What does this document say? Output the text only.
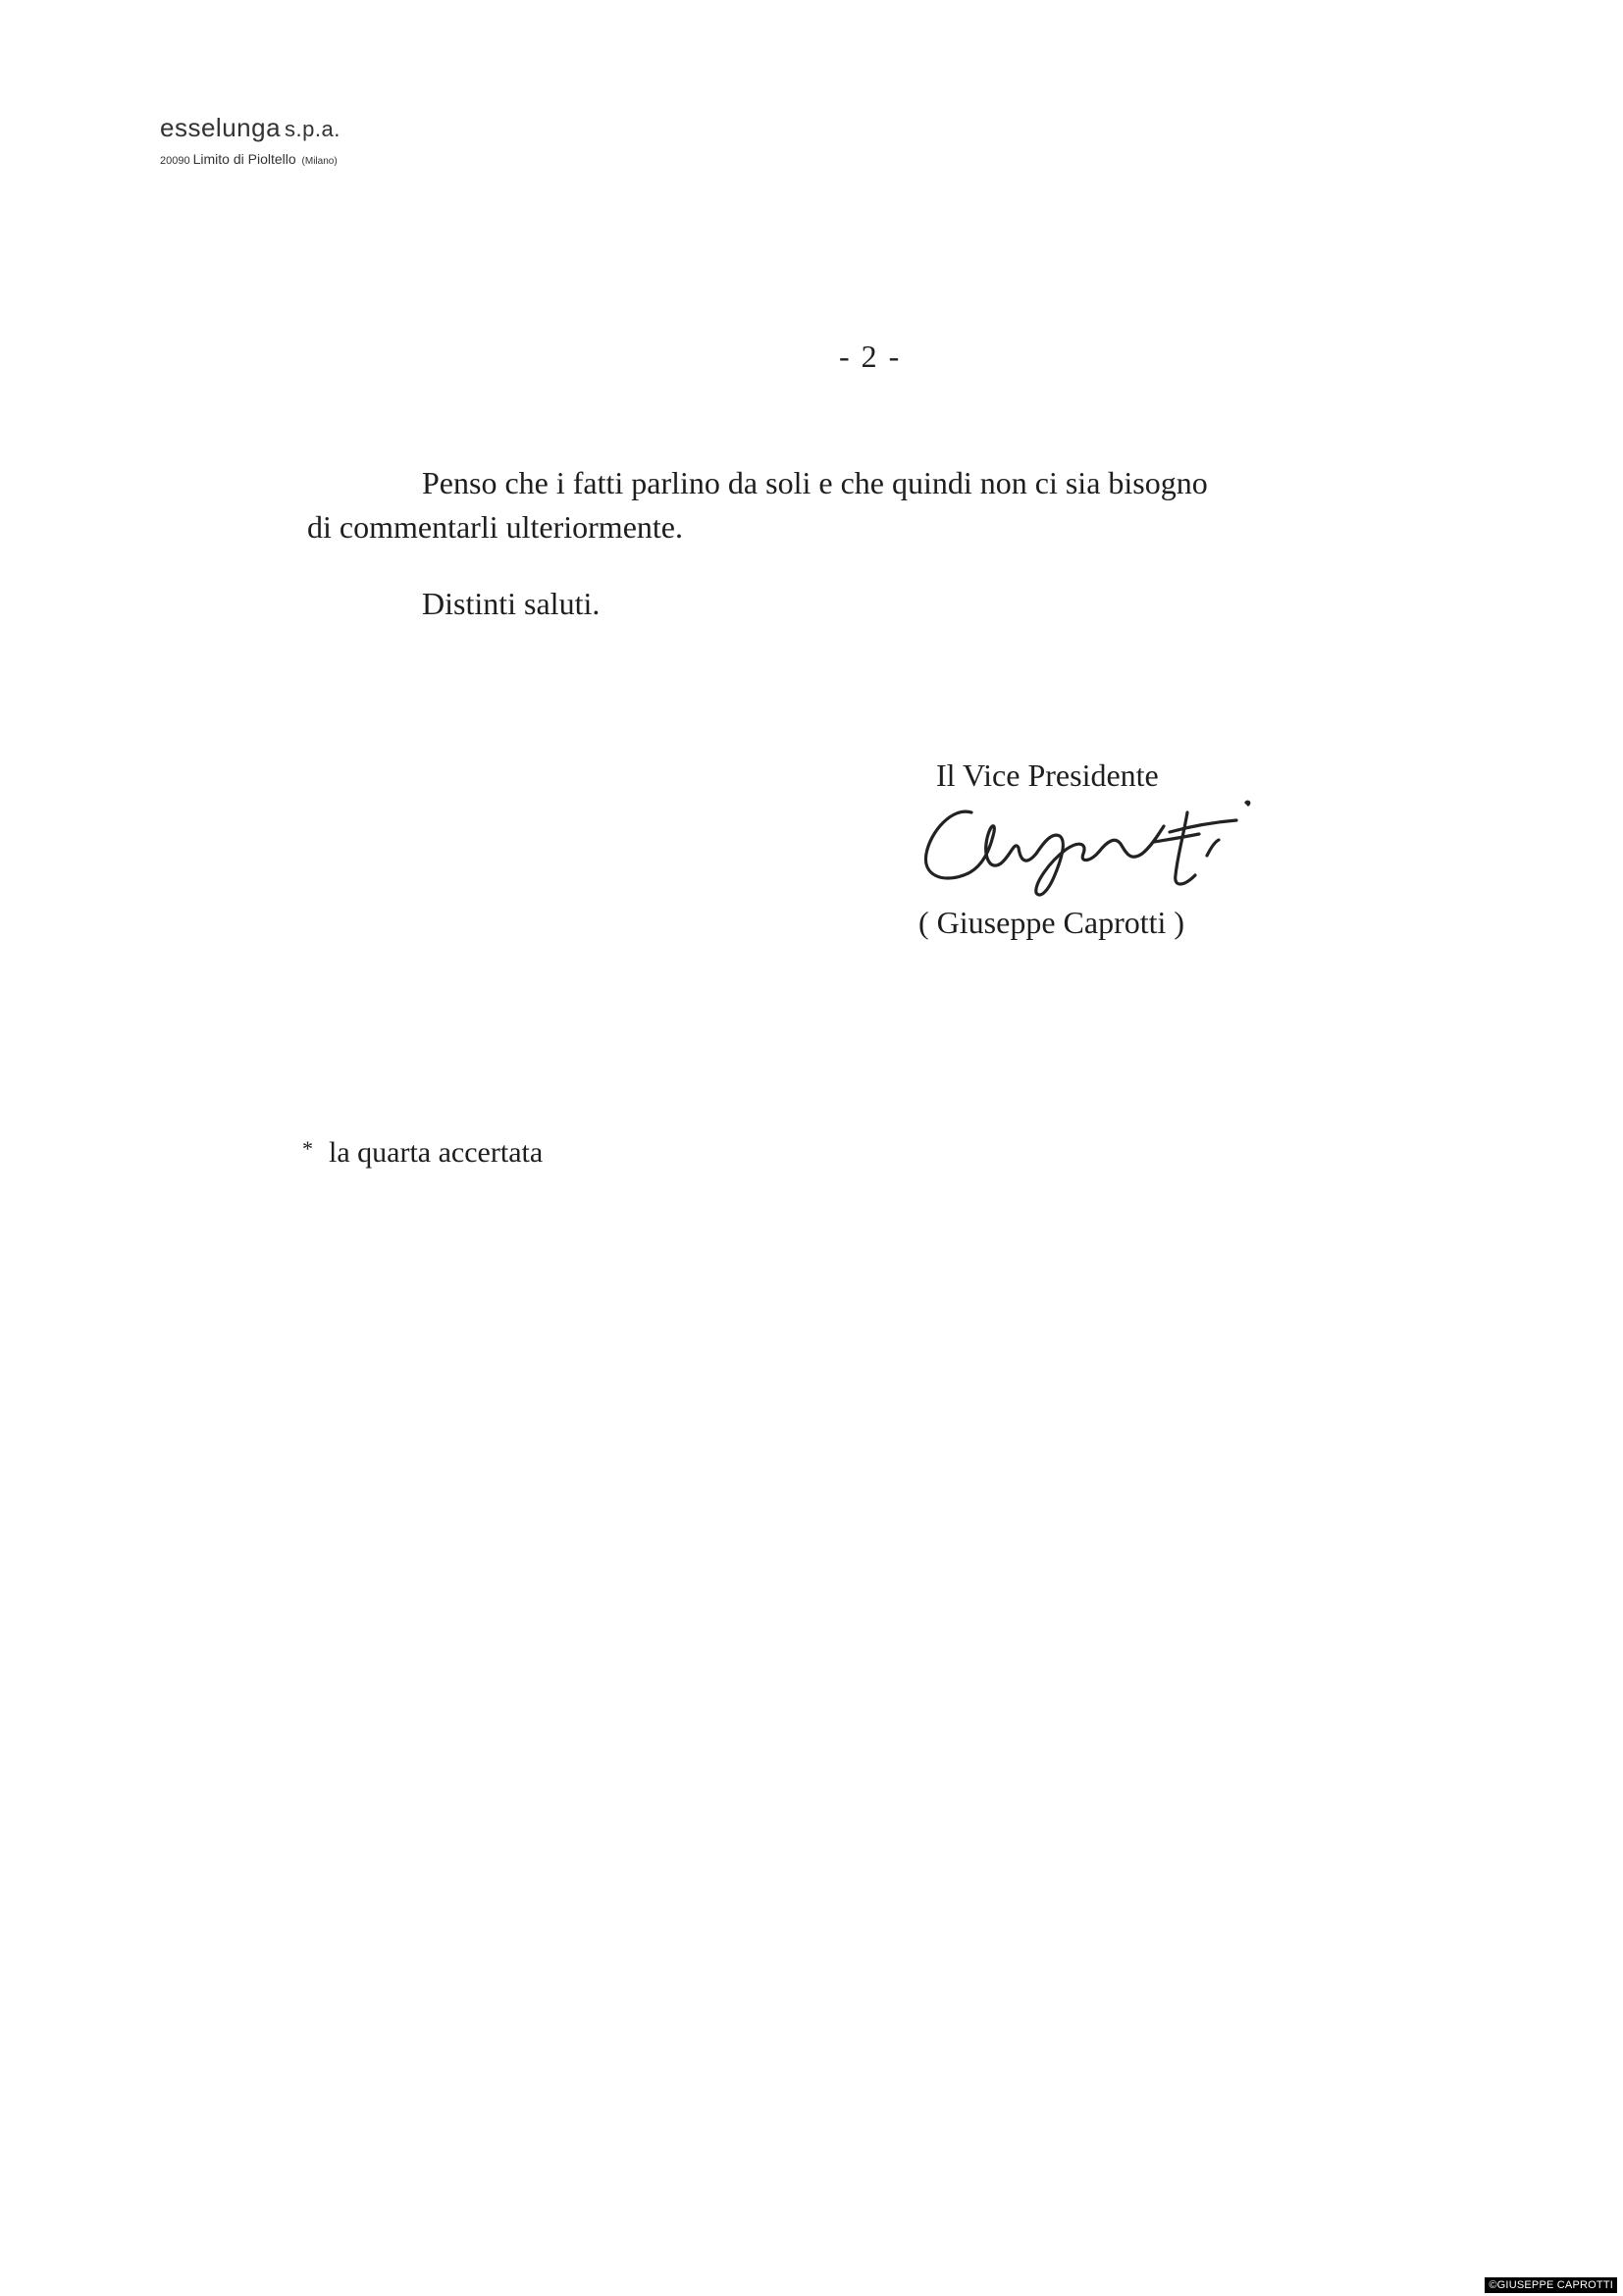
esselunga s.p.a.
20090 Limito di Pioltello (Milano)
- 2 -
Penso che i fatti parlino da soli e che quindi non ci sia bisogno
di commentarli ulteriormente.
Distinti saluti.
Il Vice Presidente
( Giuseppe Caprotti )
* la quarta accertata
©GIUSEPPE CAPROTTI
